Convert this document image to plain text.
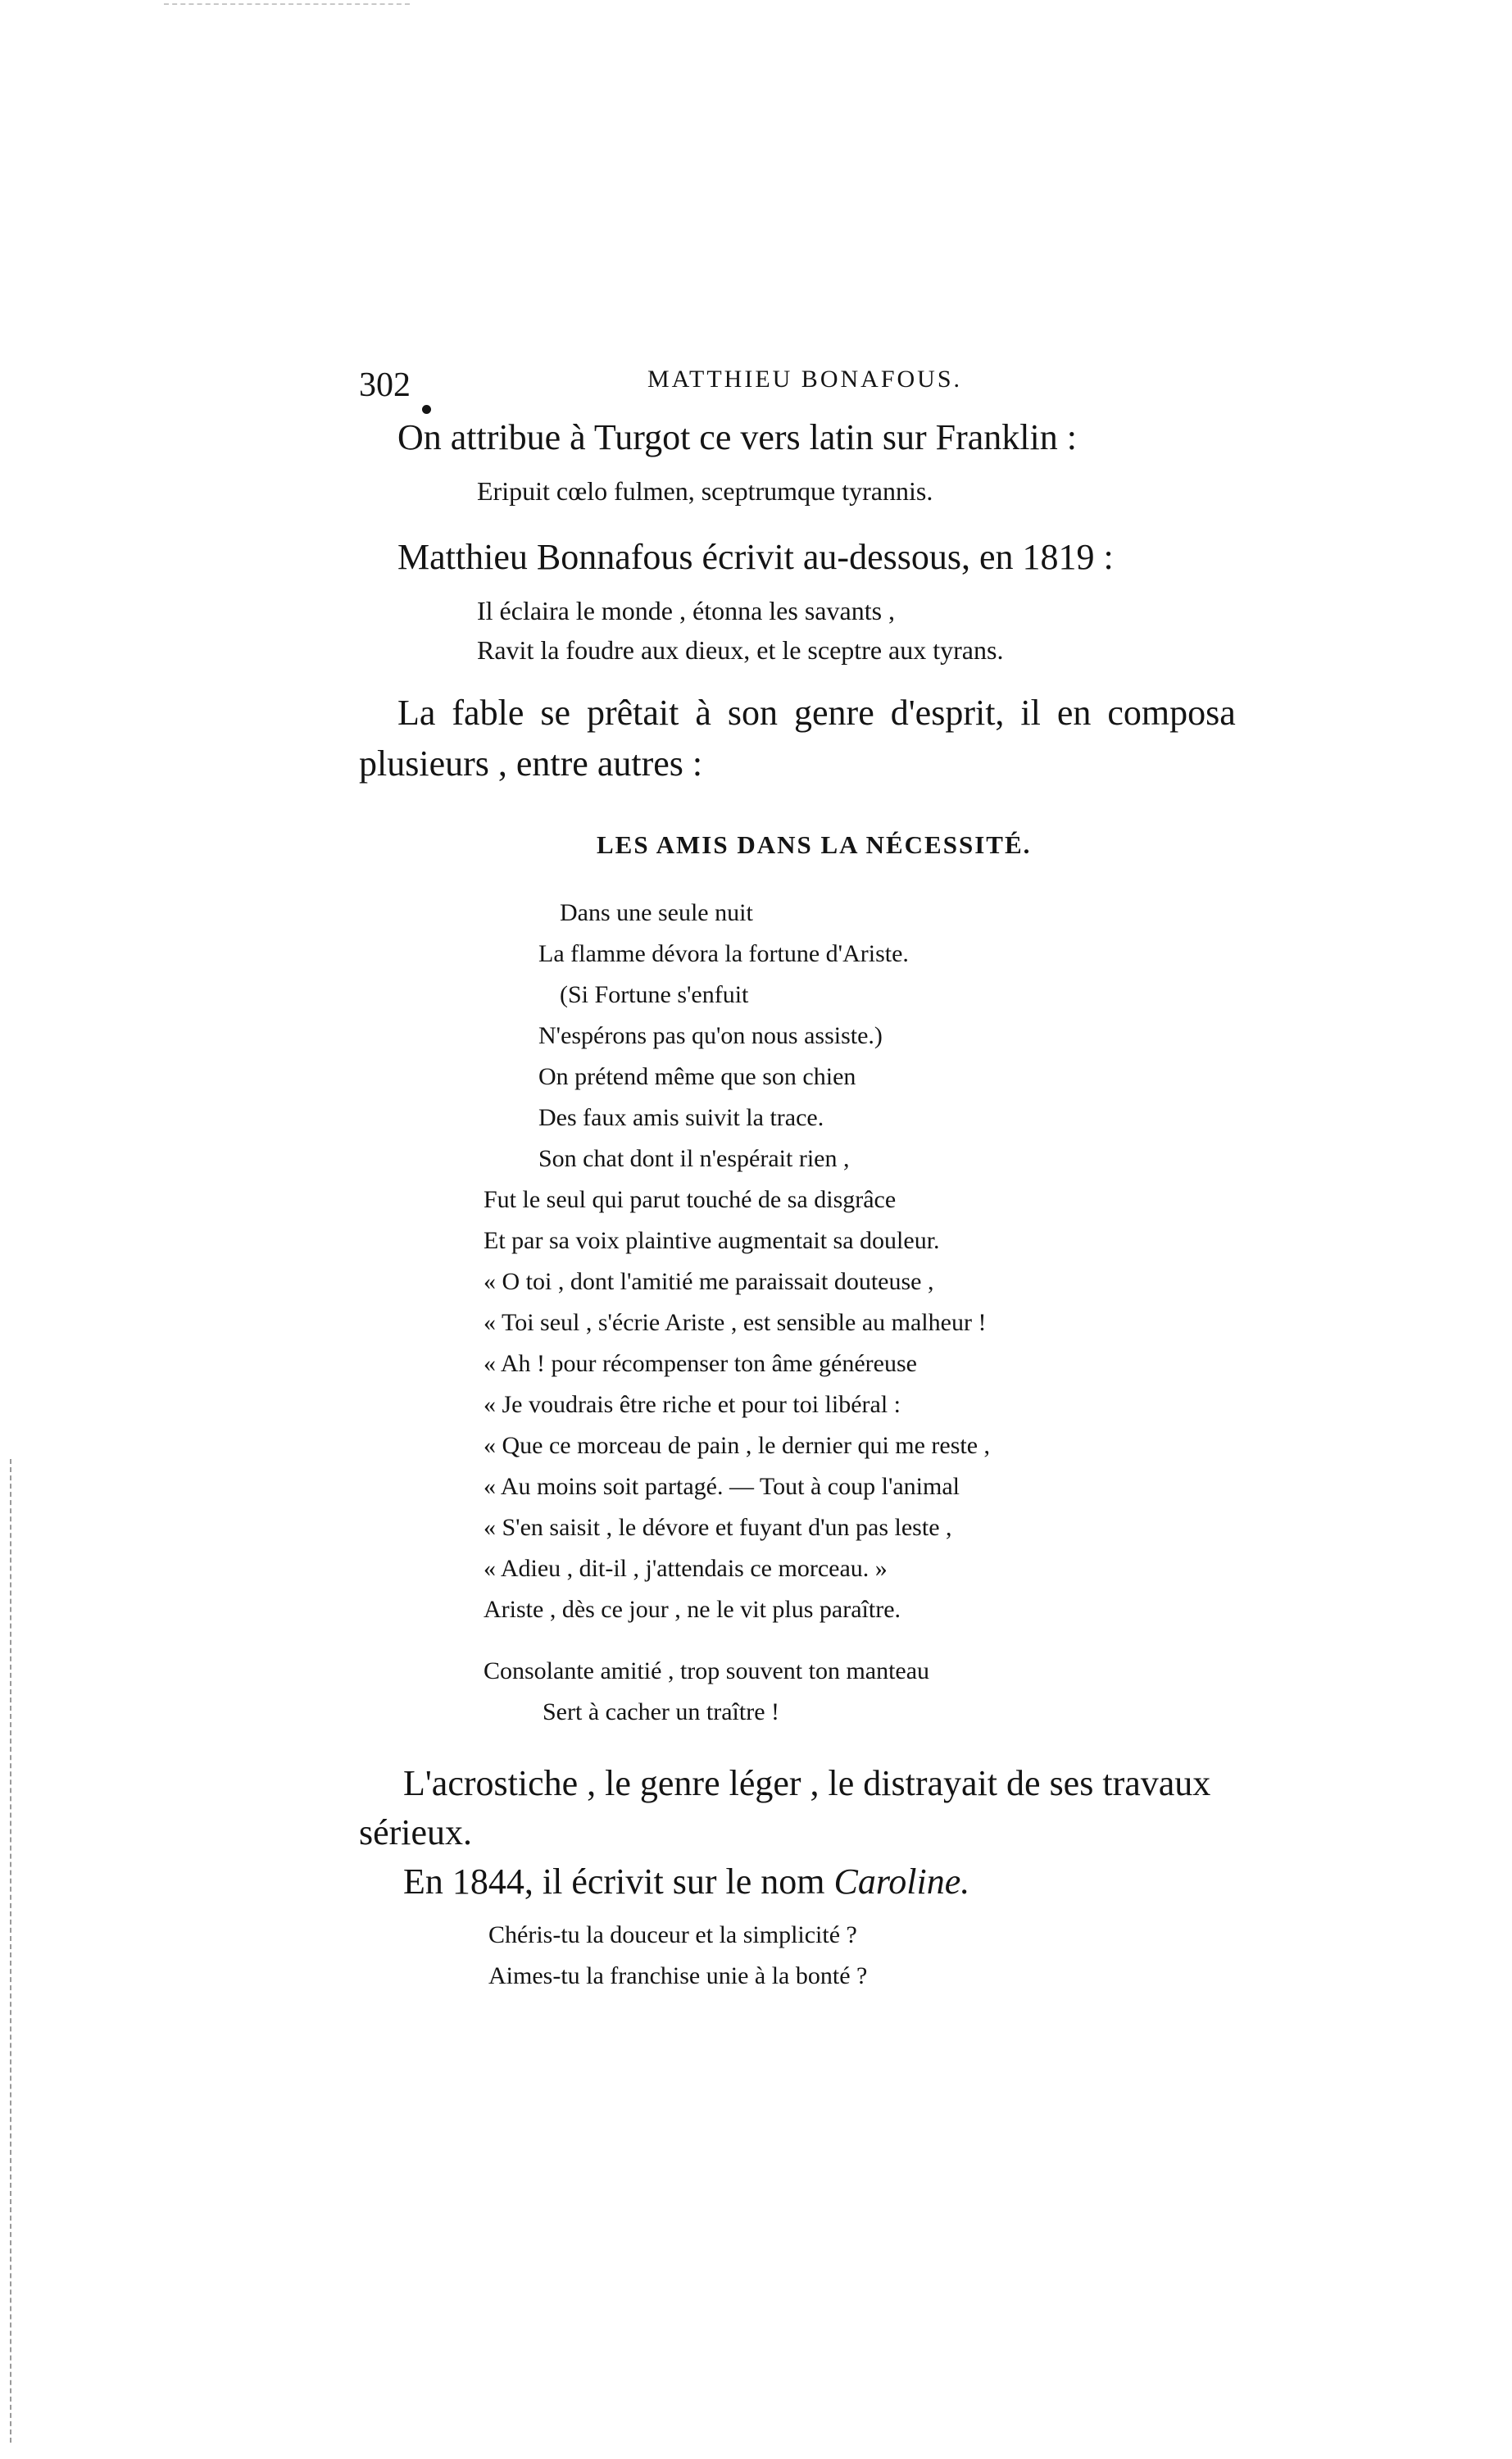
302	MATTHIEU BONAFOUS.
On attribue à Turgot ce vers latin sur Franklin :
Eripuit cœlo fulmen, sceptrumque tyrannis.
Matthieu Bonnafous écrivit au-dessous, en 1819 :
Il éclaira le monde , étonna les savants ,
Ravit la foudre aux dieux, et le sceptre aux tyrans.
La fable se prêtait à son genre d'esprit, il en composa
plusieurs , entre autres :
LES AMIS DANS LA NÉCESSITÉ.
Dans une seule nuit
La flamme dévora la fortune d'Ariste.
(Si Fortune s'enfuit
N'espérons pas qu'on nous assiste.)
On prétend même que son chien
Des faux amis suivit la trace.
Son chat dont il n'espérait rien ,
Fut le seul qui parut touché de sa disgrâce
Et par sa voix plaintive augmentait sa douleur.
« O toi , dont l'amitié me paraissait douteuse ,
« Toi seul , s'écrie Ariste , est sensible au malheur !
« Ah ! pour récompenser ton âme généreuse
« Je voudrais être riche et pour toi libéral :
« Que ce morceau de pain , le dernier qui me reste ,
« Au moins soit partagé. — Tout à coup l'animal
« S'en saisit , le dévore et fuyant d'un pas leste ,
« Adieu , dit-il , j'attendais ce morceau. »
Ariste , dès ce jour , ne le vit plus paraître.
Consolante amitié , trop souvent ton manteau
Sert à cacher un traître !
L'acrostiche , le genre léger , le distrayait de ses travaux
sérieux.
En 1844, il écrivit sur le nom Caroline.
Chéris-tu la douceur et la simplicité ?
Aimes-tu la franchise unie à la bonté ?
